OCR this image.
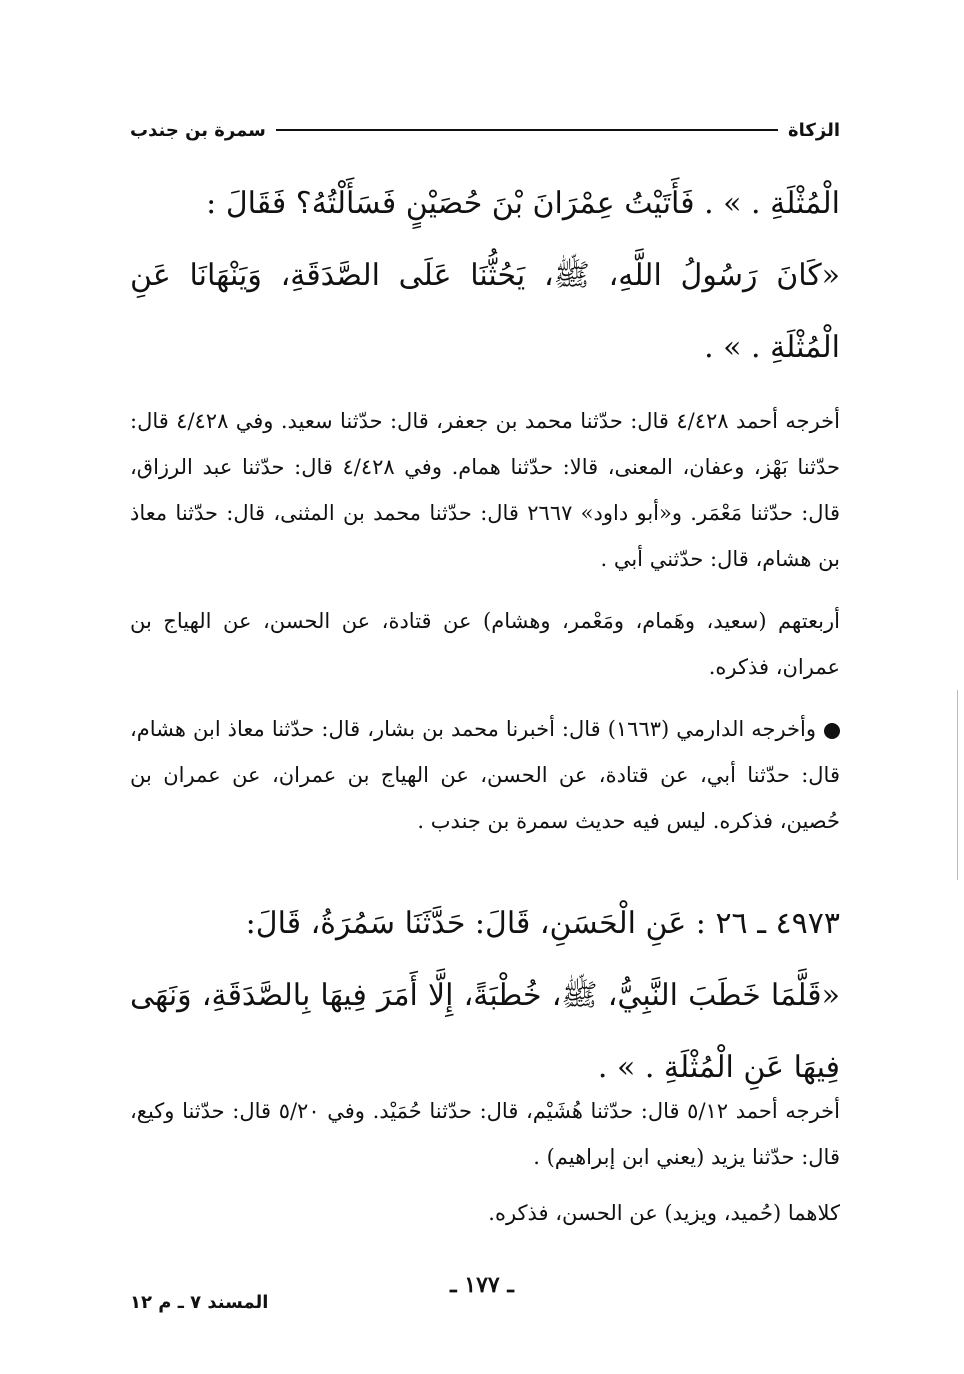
الزكاة
سمرة بن جندب
الْمُثْلَةِ . » . فَأَتَيْتُ عِمْرَانَ بْنَ حُصَيْنٍ فَسَأَلْتُهُ؟ فَقَالَ :
«كَانَ رَسُولُ اللَّهِ، ﷺ، يَحُثُّنَا عَلَى الصَّدَقَةِ، وَيَنْهَانَا عَنِ الْمُثْلَةِ . » .
أخرجه أحمد ٤/٤٢٨ قال: حدّثنا محمد بن جعفر، قال: حدّثنا سعيد. وفي ٤/٤٢٨ قال: حدّثنا بَهْز، وعفان، المعنى، قالا: حدّثنا همام. وفي ٤/٤٢٨ قال: حدّثنا عبد الرزاق، قال: حدّثنا مَعْمَر. و«أبو داود» ٢٦٦٧ قال: حدّثنا محمد بن المثنى، قال: حدّثنا معاذ بن هشام، قال: حدّثني أبي .
أربعتهم (سعيد، وهَمام، ومَعْمر، وهشام) عن قتادة، عن الحسن، عن الهياج بن عمران، فذكره.
وأخرجه الدارمي (١٦٦٣) قال: أخبرنا محمد بن بشار، قال: حدّثنا معاذ ابن هشام، قال: حدّثنا أبي، عن قتادة، عن الحسن، عن الهياج بن عمران، عن عمران بن حُصين، فذكره. ليس فيه حديث سمرة بن جندب .
٤٩٧٣ ـ ٢٦ : عَنِ الْحَسَنِ، قَالَ: حَدَّثَنَا سَمُرَةُ، قَالَ:
«قَلَّمَا خَطَبَ النَّبِيُّ، ﷺ، خُطْبَةً، إِلَّا أَمَرَ فِيهَا بِالصَّدَقَةِ، وَنَهَى فِيهَا عَنِ الْمُثْلَةِ . » .
أخرجه أحمد ٥/١٢ قال: حدّثنا هُشَيْم، قال: حدّثنا حُمَيْد. وفي ٥/٢٠ قال: حدّثنا وكيع، قال: حدّثنا يزيد (يعني ابن إبراهيم) .
كلاهما (حُميد، ويزيد) عن الحسن، فذكره.
ـ ١٧٧ ـ
المسند ٧ ـ م ١٢
